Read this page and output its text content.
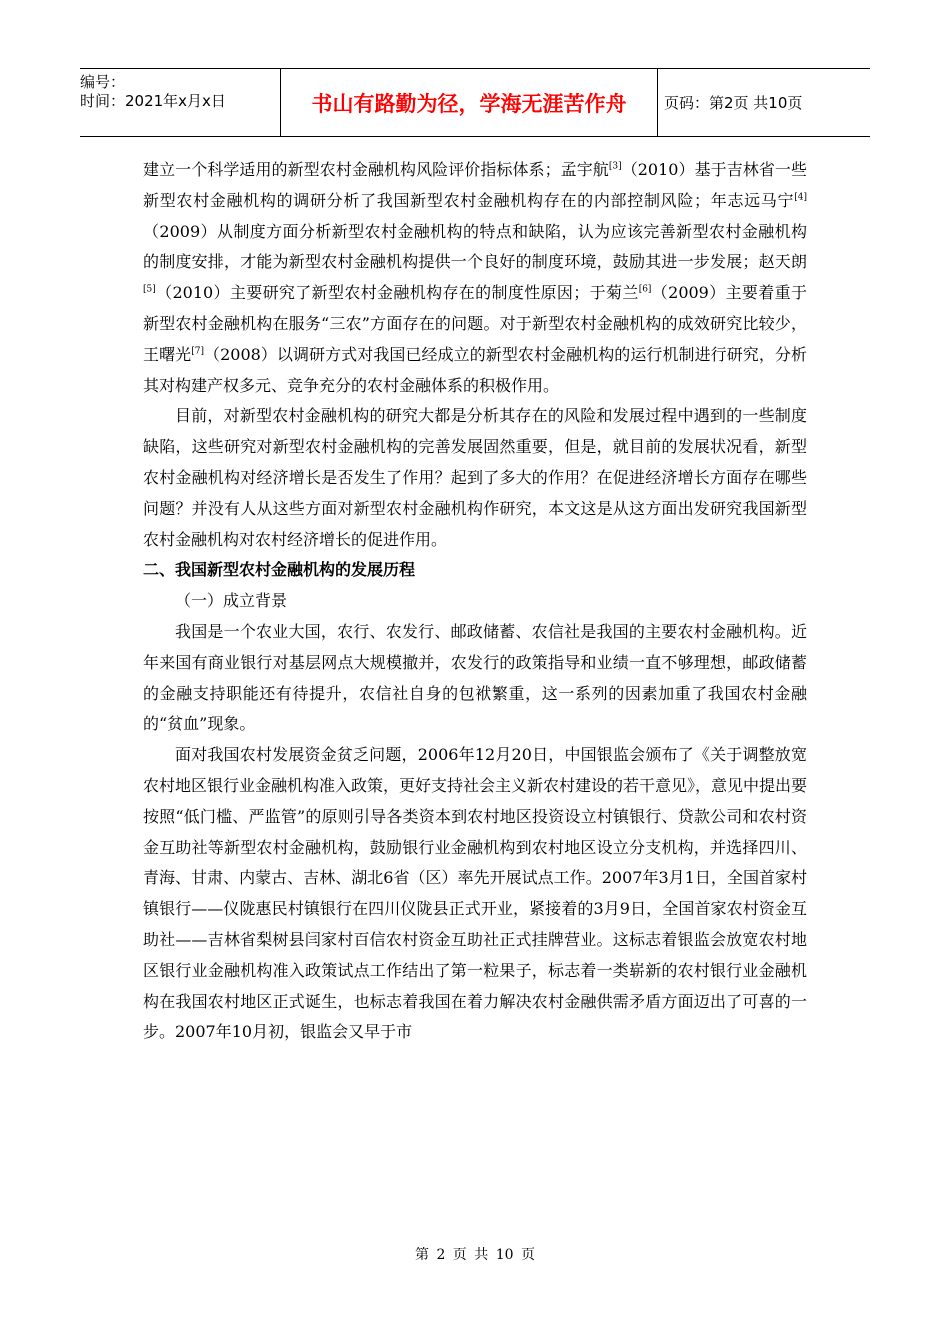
编号：
时间：2021年x月x日	书山有路勤为径，学海无涯苦作舟	页码：第2页 共10页

建立一个科学适用的新型农村金融机构风险评价指标体系；孟宇航[3]（2010）基于吉林省一些新型农村金融机构的调研分析了我国新型农村金融机构存在的内部控制风险；年志远马宁[4]（2009）从制度方面分析新型农村金融机构的特点和缺陷，认为应该完善新型农村金融机构的制度安排，才能为新型农村金融机构提供一个良好的制度环境，鼓励其进一步发展；赵天朗[5]（2010）主要研究了新型农村金融机构存在的制度性原因；于菊兰[6]（2009）主要着重于新型农村金融机构在服务“三农”方面存在的问题。对于新型农村金融机构的成效研究比较少，王曙光[7]（2008）以调研方式对我国已经成立的新型农村金融机构的运行机制进行研究，分析其对构建产权多元、竞争充分的农村金融体系的积极作用。

目前，对新型农村金融机构的研究大都是分析其存在的风险和发展过程中遇到的一些制度缺陷，这些研究对新型农村金融机构的完善发展固然重要，但是，就目前的发展状况看，新型农村金融机构对经济增长是否发生了作用？起到了多大的作用？在促进经济增长方面存在哪些问题？并没有人从这些方面对新型农村金融机构作研究，本文这是从这方面出发研究我国新型农村金融机构对农村经济增长的促进作用。

二、我国新型农村金融机构的发展历程

（一）成立背景

我国是一个农业大国，农行、农发行、邮政储蓄、农信社是我国的主要农村金融机构。近年来国有商业银行对基层网点大规模撤并，农发行的政策指导和业绩一直不够理想，邮政储蓄的金融支持职能还有待提升，农信社自身的包袱繁重，这一系列的因素加重了我国农村金融的“贫血”现象。

面对我国农村发展资金贫乏问题，2006年12月20日，中国银监会颁布了《关于调整放宽农村地区银行业金融机构准入政策，更好支持社会主义新农村建设的若干意见》，意见中提出要按照“低门槛、严监管”的原则引导各类资本到农村地区投资设立村镇银行、贷款公司和农村资金互助社等新型农村金融机构，鼓励银行业金融机构到农村地区设立分支机构，并选择四川、青海、甘肃、内蒙古、吉林、湖北6省（区）率先开展试点工作。2007年3月1日，全国首家村镇银行——仪陇惠民村镇银行在四川仪陇县正式开业，紧接着的3月9日，全国首家农村资金互助社——吉林省梨树县闫家村百信农村资金互助社正式挂牌营业。这标志着银监会放宽农村地区银行业金融机构准入政策试点工作结出了第一粒果子，标志着一类崭新的农村银行业金融机构在我国农村地区正式诞生，也标志着我国在着力解决农村金融供需矛盾方面迈出了可喜的一步。2007年10月初，银监会又早于市

第 2 页 共 10 页
